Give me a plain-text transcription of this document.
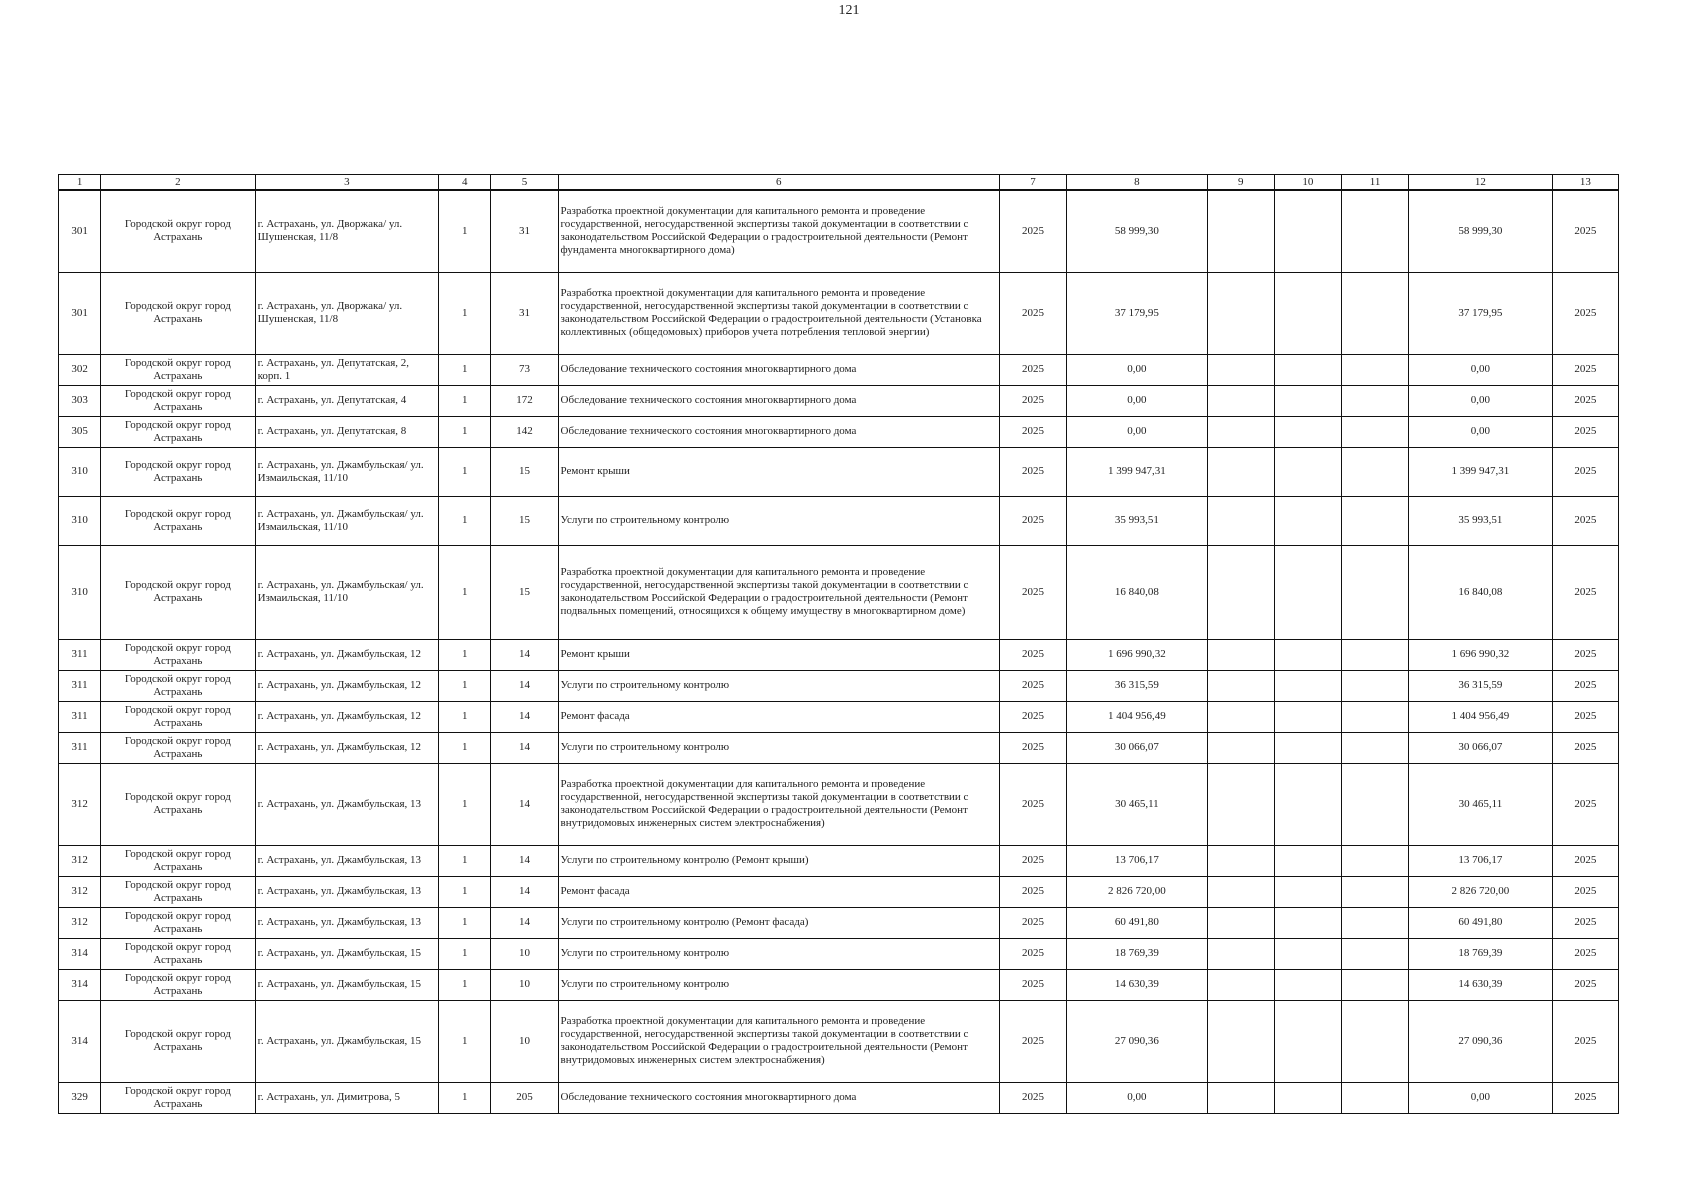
121
1	2	3	4	5	6	7	8	9	10	11	12	13
301	Городской округ город Астрахань	г. Астрахань, ул. Дворжака/ ул. Шушенская, 11/8	1	31	Разработка проектной документации для капитального ремонта и проведение государственной, негосударственной экспертизы такой документации в соответствии с законодательством Российской Федерации о градостроительной деятельности (Ремонт фундамента многоквартирного дома)	2025	58 999,30				58 999,30	2025
301	Городской округ город Астрахань	г. Астрахань, ул. Дворжака/ ул. Шушенская, 11/8	1	31	Разработка проектной документации для капитального ремонта и проведение государственной, негосударственной экспертизы такой документации в соответствии с законодательством Российской Федерации о градостроительной деятельности (Установка коллективных (общедомовых) приборов учета потребления тепловой энергии)	2025	37 179,95				37 179,95	2025
302	Городской округ город Астрахань	г. Астрахань, ул. Депутатская, 2, корп. 1	1	73	Обследование технического состояния многоквартирного дома	2025	0,00				0,00	2025
303	Городской округ город Астрахань	г. Астрахань, ул. Депутатская, 4	1	172	Обследование технического состояния многоквартирного дома	2025	0,00				0,00	2025
305	Городской округ город Астрахань	г. Астрахань, ул. Депутатская, 8	1	142	Обследование технического состояния многоквартирного дома	2025	0,00				0,00	2025
310	Городской округ город Астрахань	г. Астрахань, ул. Джамбульская/ ул. Измаильская, 11/10	1	15	Ремонт крыши	2025	1 399 947,31				1 399 947,31	2025
310	Городской округ город Астрахань	г. Астрахань, ул. Джамбульская/ ул. Измаильская, 11/10	1	15	Услуги по строительному контролю	2025	35 993,51				35 993,51	2025
310	Городской округ город Астрахань	г. Астрахань, ул. Джамбульская/ ул. Измаильская, 11/10	1	15	Разработка проектной документации для капитального ремонта и проведение государственной, негосударственной экспертизы такой документации в соответствии с законодательством Российской Федерации о градостроительной деятельности (Ремонт подвальных помещений, относящихся к общему имуществу в многоквартирном доме)	2025	16 840,08				16 840,08	2025
311	Городской округ город Астрахань	г. Астрахань, ул. Джамбульская, 12	1	14	Ремонт крыши	2025	1 696 990,32				1 696 990,32	2025
311	Городской округ город Астрахань	г. Астрахань, ул. Джамбульская, 12	1	14	Услуги по строительному контролю	2025	36 315,59				36 315,59	2025
311	Городской округ город Астрахань	г. Астрахань, ул. Джамбульская, 12	1	14	Ремонт фасада	2025	1 404 956,49				1 404 956,49	2025
311	Городской округ город Астрахань	г. Астрахань, ул. Джамбульская, 12	1	14	Услуги по строительному контролю	2025	30 066,07				30 066,07	2025
312	Городской округ город Астрахань	г. Астрахань, ул. Джамбульская, 13	1	14	Разработка проектной документации для капитального ремонта и проведение государственной, негосударственной экспертизы такой документации в соответствии с законодательством Российской Федерации о градостроительной деятельности (Ремонт внутридомовых инженерных систем электроснабжения)	2025	30 465,11				30 465,11	2025
312	Городской округ город Астрахань	г. Астрахань, ул. Джамбульская, 13	1	14	Услуги по строительному контролю (Ремонт крыши)	2025	13 706,17				13 706,17	2025
312	Городской округ город Астрахань	г. Астрахань, ул. Джамбульская, 13	1	14	Ремонт фасада	2025	2 826 720,00				2 826 720,00	2025
312	Городской округ город Астрахань	г. Астрахань, ул. Джамбульская, 13	1	14	Услуги по строительному контролю (Ремонт фасада)	2025	60 491,80				60 491,80	2025
314	Городской округ город Астрахань	г. Астрахань, ул. Джамбульская, 15	1	10	Услуги по строительному контролю	2025	18 769,39				18 769,39	2025
314	Городской округ город Астрахань	г. Астрахань, ул. Джамбульская, 15	1	10	Услуги по строительному контролю	2025	14 630,39				14 630,39	2025
314	Городской округ город Астрахань	г. Астрахань, ул. Джамбульская, 15	1	10	Разработка проектной документации для капитального ремонта и проведение государственной, негосударственной экспертизы такой документации в соответствии с законодательством Российской Федерации о градостроительной деятельности (Ремонт внутридомовых инженерных систем электроснабжения)	2025	27 090,36				27 090,36	2025
329	Городской округ город Астрахань	г. Астрахань, ул. Димитрова, 5	1	205	Обследование технического состояния многоквартирного дома	2025	0,00				0,00	2025
